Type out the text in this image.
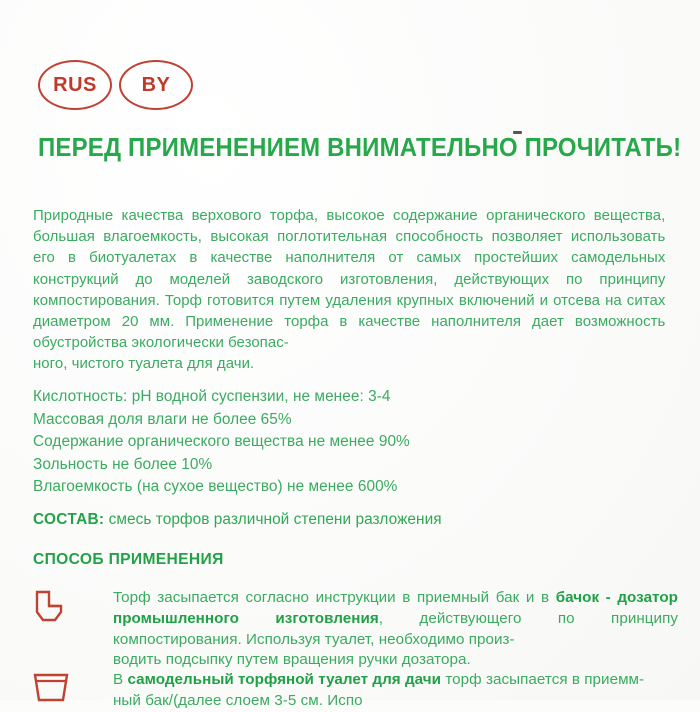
RUS BY
ПЕРЕД ПРИМЕНЕНИЕМ ВНИМАТЕЛЬНО ПРОЧИТАТЬ!
Природные качества верхового торфа, высокое содержание органического вещества, большая влагоемкость, высокая поглотительная способность позволяет использовать его в биотуалетах в качестве наполнителя от самых простейших самодельных конструкций до моделей заводского изготовления, действующих по принципу компостирования. Торф готовится путем удаления крупных включений и отсева на ситах диаметром 20 мм. Применение торфа в качестве наполнителя дает возможность обустройства экологически безопас-
ного, чистого туалета для дачи.
Кислотность: pH водной суспензии, не менее: 3-4
Массовая доля влаги не более 65%
Содержание органического вещества не менее 90%
Зольность не более 10%
Влагоемкость (на сухое вещество) не менее 600%
СОСТАВ: смесь торфов различной степени разложения
СПОСОБ ПРИМЕНЕНИЯ
Торф засыпается согласно инструкции в приемный бак и в бачок - дозатор промышленного изготовления, действующего по принципу компостирования. Используя туалет, необходимо произ-
водить подсыпку путем вращения ручки дозатора.
В самодельный торфяной туалет для дачи торф засыпается в приемм-
ный бак/(далее слоем 3-5 см. Испо
